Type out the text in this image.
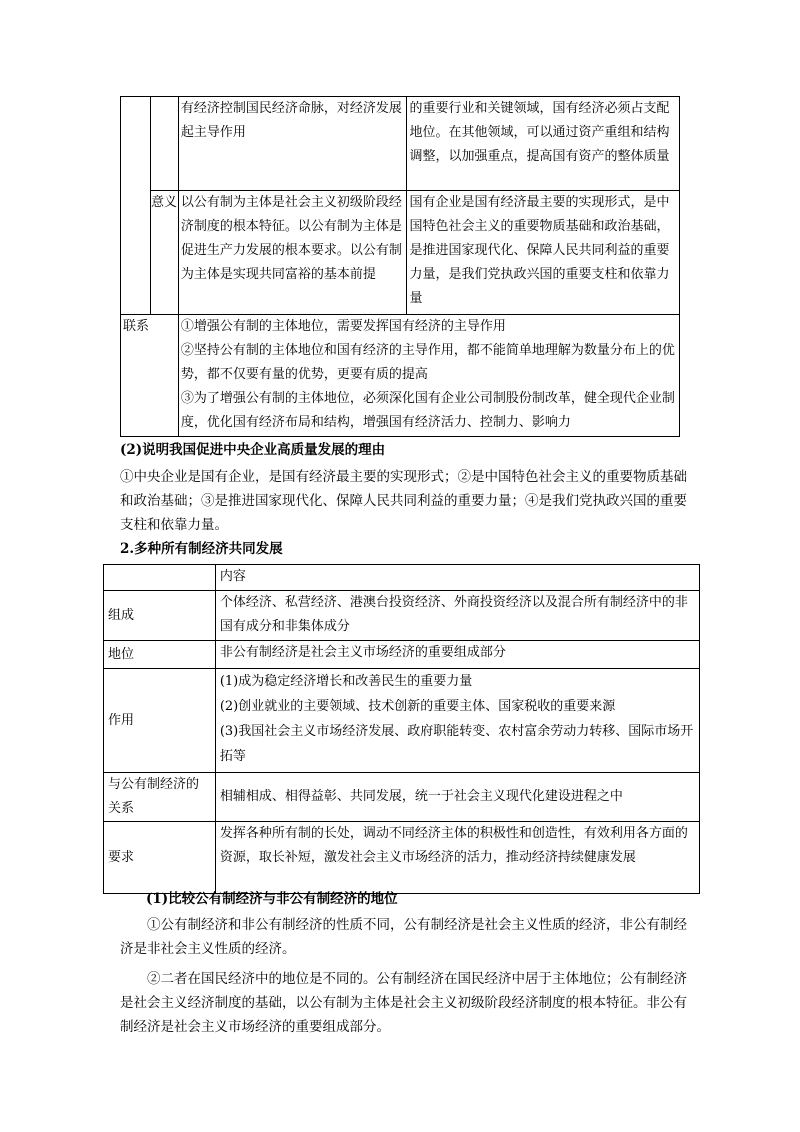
		有经济控制国民经济命脉，对经济发展起主导作用	的重要行业和关键领域，国有经济必须占支配地位。在其他领域，可以通过资产重组和结构调整，以加强重点，提高国有资产的整体质量
	意义	以公有制为主体是社会主义初级阶段经济制度的根本特征。以公有制为主体是促进生产力发展的根本要求。以公有制为主体是实现共同富裕的基本前提	国有企业是国有经济最主要的实现形式，是中国特色社会主义的重要物质基础和政治基础，是推进国家现代化、保障人民共同利益的重要力量，是我们党执政兴国的重要支柱和依靠力量
联系		①增强公有制的主体地位，需要发挥国有经济的主导作用
②坚持公有制的主体地位和国有经济的主导作用，都不能简单地理解为数量分布上的优势，都不仅要有量的优势，更要有质的提高
③为了增强公有制的主体地位，必须深化国有企业公司制股份制改革，健全现代企业制度，优化国有经济布局和结构，增强国有经济活力、控制力、影响力	
(2)说明我国促进中央企业高质量发展的理由
①中央企业是国有企业，是国有经济最主要的实现形式；②是中国特色社会主义的重要物质基础和政治基础；③是推进国家现代化、保障人民共同利益的重要力量；④是我们党执政兴国的重要支柱和依靠力量。
2.多种所有制经济共同发展
	内容
组成	个体经济、私营经济、港澳台投资经济、外商投资经济以及混合所有制经济中的非国有成分和非集体成分
地位	非公有制经济是社会主义市场经济的重要组成部分
作用	(1)成为稳定经济增长和改善民生的重要力量
(2)创业就业的主要领域、技术创新的重要主体、国家税收的重要来源
(3)我国社会主义市场经济发展、政府职能转变、农村富余劳动力转移、国际市场开拓等

与公有制经济的关系	相辅相成、相得益彰、共同发展，统一于社会主义现代化建设进程之中
要求	发挥各种所有制的长处，调动不同经济主体的积极性和创造性，有效利用各方面的资源，取长补短，激发社会主义市场经济的活力，推动经济持续健康发展
(1)比较公有制经济与非公有制经济的地位
①公有制经济和非公有制经济的性质不同，公有制经济是社会主义性质的经济，非公有制经济是非社会主义性质的经济。
②二者在国民经济中的地位是不同的。公有制经济在国民经济中居于主体地位；公有制经济是社会主义经济制度的基础，以公有制为主体是社会主义初级阶段经济制度的根本特征。非公有制经济是社会主义市场经济的重要组成部分。
